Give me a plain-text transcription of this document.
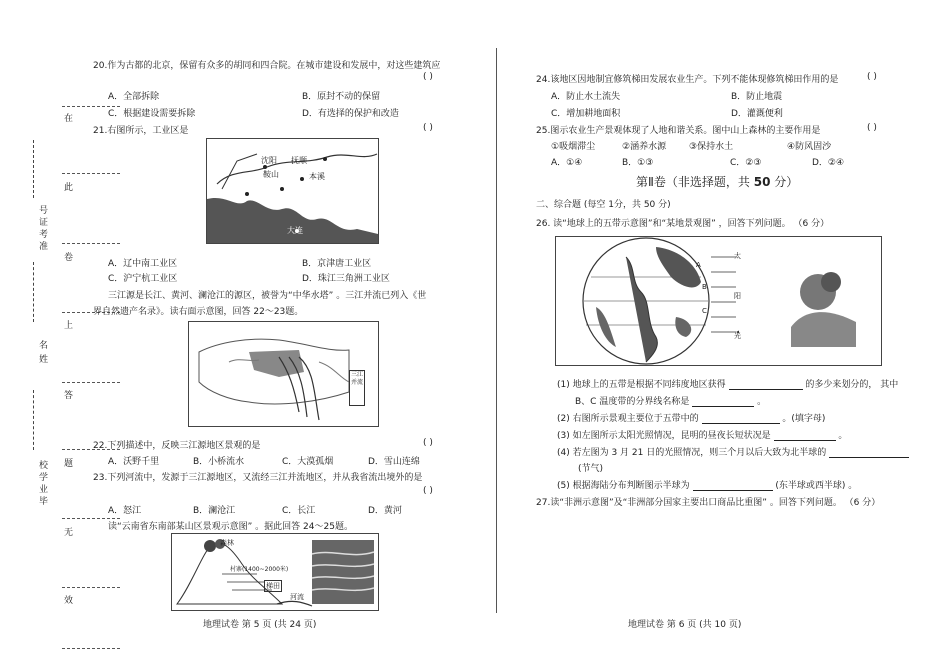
在
此
卷
上
答
题
无
效
号
证
考
准
名
姓
校
学
业
毕
20.作为古都的北京，保留有众多的胡同和四合院。在城市建设和发展中，对这些建筑应
( )
A．全部拆除	B．原封不动的保留
C．根据建设需要拆除	D．有选择的保护和改造
21.右图所示，工业区是	( )
沈阳 抚顺
鞍山	本溪
大连
A．辽中南工业区	B．京津唐工业区
C．沪宁杭工业区	D．珠江三角洲工业区
三江源是长江、黄河、澜沧江的源区，被誉为“中华水塔” 。三江并流已列入《世
界自然遗产名录》。读右面示意图，回答 22～23题。
三江并流
22.下列描述中，反映三江源地区景观的是	( )
A．沃野千里	B．小桥流水	C．大漠孤烟	D．雪山连绵
23.下列河流中，发源于三江源地区，又流经三江并流地区，并从我省流出境外的是
( )
A．怒江	B．澜沧江	C．长江	D．黄河
读“云南省东南部某山区景观示意图” 。据此回答 24～25题。
森林
村寨(1400~2000米)
梯田
河流
地理试卷 第 5 页 (共 24 页)
24.该地区因地制宜修筑梯田发展农业生产。下列不能体现修筑梯田作用的是	( )
A．防止水土流失	B．防止地震
C．增加耕地面积	D．灌溉便利
25.图示农业生产景观体现了人地和谐关系。图中山上森林的主要作用是	( )
①吸烟滞尘	②涵养水源	③保持水土	④防风固沙
A．①④	B．①③	C．②③	D．②④
第Ⅱ卷（非选择题，共 50 分）
二、综合题 (每空 1分，共 50 分)
26. 读“地球上的五带示意图”和“某地景观图” ，回答下列问题。 （6 分）
太
阳
光
A
B
C
(1) 地球上的五带是根据不同纬度地区获得	的多少来划分的， 其中
B、C 温度带的分界线名称是	。
(2) 右图所示景观主要位于五带中的	。(填字母)
(3) 如左图所示太阳光照情况，昆明的昼夜长短状况是	。
(4) 若左图为 3 月 21 日的光照情况，则三个月以后大致为北半球的
(节气)
(5) 根据海陆分布判断图示半球为	(东半球或西半球) 。
27.读“非洲示意图”及“非洲部分国家主要出口商品比重图” 。回答下列问题。 （6 分）
地理试卷 第 6 页 (共 10 页)
